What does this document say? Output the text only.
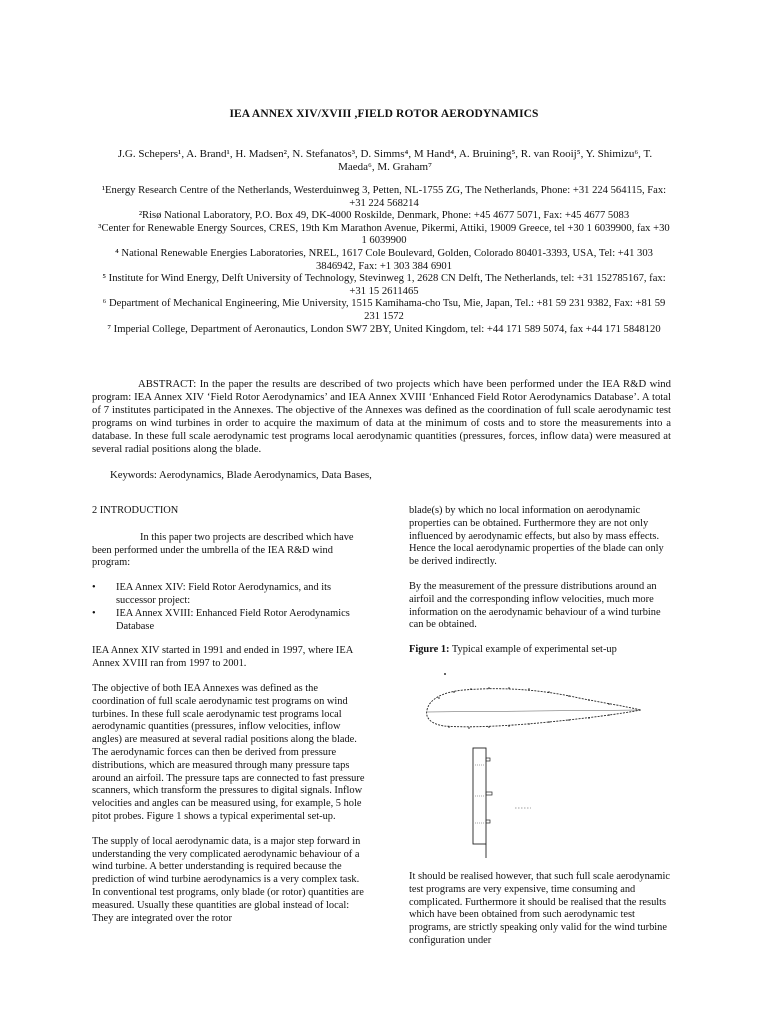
IEA ANNEX XIV/XVIII ,FIELD ROTOR AERODYNAMICS
J.G. Schepers¹, A. Brand¹, H. Madsen², N. Stefanatos³, D. Simms⁴, M Hand⁴, A. Bruining⁵, R. van Rooij⁵, Y. Shimizu⁶, T.
Maeda⁶, M. Graham⁷
¹Energy Research Centre of the Netherlands, Westerduinweg 3, Petten, NL-1755 ZG, The Netherlands, Phone: +31 224 564115, Fax: +31 224 568214
²Risø National Laboratory, P.O. Box 49, DK-4000 Roskilde, Denmark, Phone: +45 4677 5071, Fax: +45 4677 5083
³Center for Renewable Energy Sources, CRES, 19th Km Marathon Avenue, Pikermi, Attiki, 19009 Greece, tel +30 1 6039900, fax +30 1 6039900
⁴ National Renewable Energies Laboratories, NREL, 1617 Cole Boulevard, Golden, Colorado 80401-3393, USA, Tel: +41 303 3846942, Fax: +1 303 384 6901
⁵ Institute for Wind Energy, Delft University of Technology, Stevinweg 1, 2628 CN Delft, The Netherlands, tel: +31 152785167, fax: +31 15 2611465
⁶ Department of Mechanical Engineering, Mie University, 1515 Kamihama-cho Tsu, Mie, Japan, Tel.: +81 59 231 9382, Fax: +81 59 231 1572
⁷ Imperial College, Department of Aeronautics, London SW7 2BY, United Kingdom, tel: +44 171 589 5074, fax +44 171 5848120
ABSTRACT: In the paper the results are described of two projects which have been performed under the IEA R&D wind program: IEA Annex XIV ‘Field Rotor Aerodynamics’ and IEA Annex XVIII ‘Enhanced Field Rotor Aerodynamics Database’. A total of 7 institutes participated in the Annexes. The objective of the Annexes was defined as the coordination of full scale aerodynamic test programs on wind turbines in order to acquire the maximum of data at the minimum of costs and to store the measurements into a database. In these full scale aerodynamic test programs local aerodynamic quantities (pressures, forces, inflow data) were measured at several radial positions along the blade.
Keywords: Aerodynamics, Blade Aerodynamics, Data Bases,
2 INTRODUCTION
In this paper two projects are described which have been performed under the umbrella of the IEA R&D wind program:
• IEA Annex XIV: Field Rotor Aerodynamics, and its successor project:
• IEA Annex XVIII: Enhanced Field Rotor Aerodynamics Database
IEA Annex XIV started in 1991 and ended in 1997, where IEA Annex XVIII ran from 1997 to 2001.
The objective of both IEA Annexes was defined as the coordination of full scale aerodynamic test programs on wind turbines. In these full scale aerodynamic test programs local aerodynamic quantities (pressures, inflow velocities, inflow angles) are measured at several radial positions along the blade. The aerodynamic forces can then be derived from pressure distributions, which are measured through many pressure taps around an airfoil. The pressure taps are connected to fast pressure scanners, which transform the pressures to digital signals. Inflow velocities and angles can be measured using, for example, 5 hole pitot probes. Figure 1 shows a typical experimental set-up.
The supply of local aerodynamic data, is a major step forward in understanding the very complicated aerodynamic behaviour of a wind turbine. A better understanding is required because the prediction of wind turbine aerodynamics is a very complex task. In conventional test programs, only blade (or rotor) quantities are measured. Usually these quantities are global instead of local: They are integrated over the rotor
blade(s) by which no local information on aerodynamic properties can be obtained. Furthermore they are not only influenced by aerodynamic effects, but also by mass effects. Hence the local aerodynamic properties of the blade can only be derived indirectly.
By the measurement of the pressure distributions around an airfoil and the corresponding inflow velocities, much more information on the aerodynamic behaviour of a wind turbine can be obtained.
Figure 1: Typical example of experimental set-up
It should be realised however, that such full scale aerodynamic test programs are very expensive, time consuming and complicated. Furthermore it should be realised that the results which have been obtained from such aerodynamic test programs, are strictly speaking only valid for the wind turbine configuration under
